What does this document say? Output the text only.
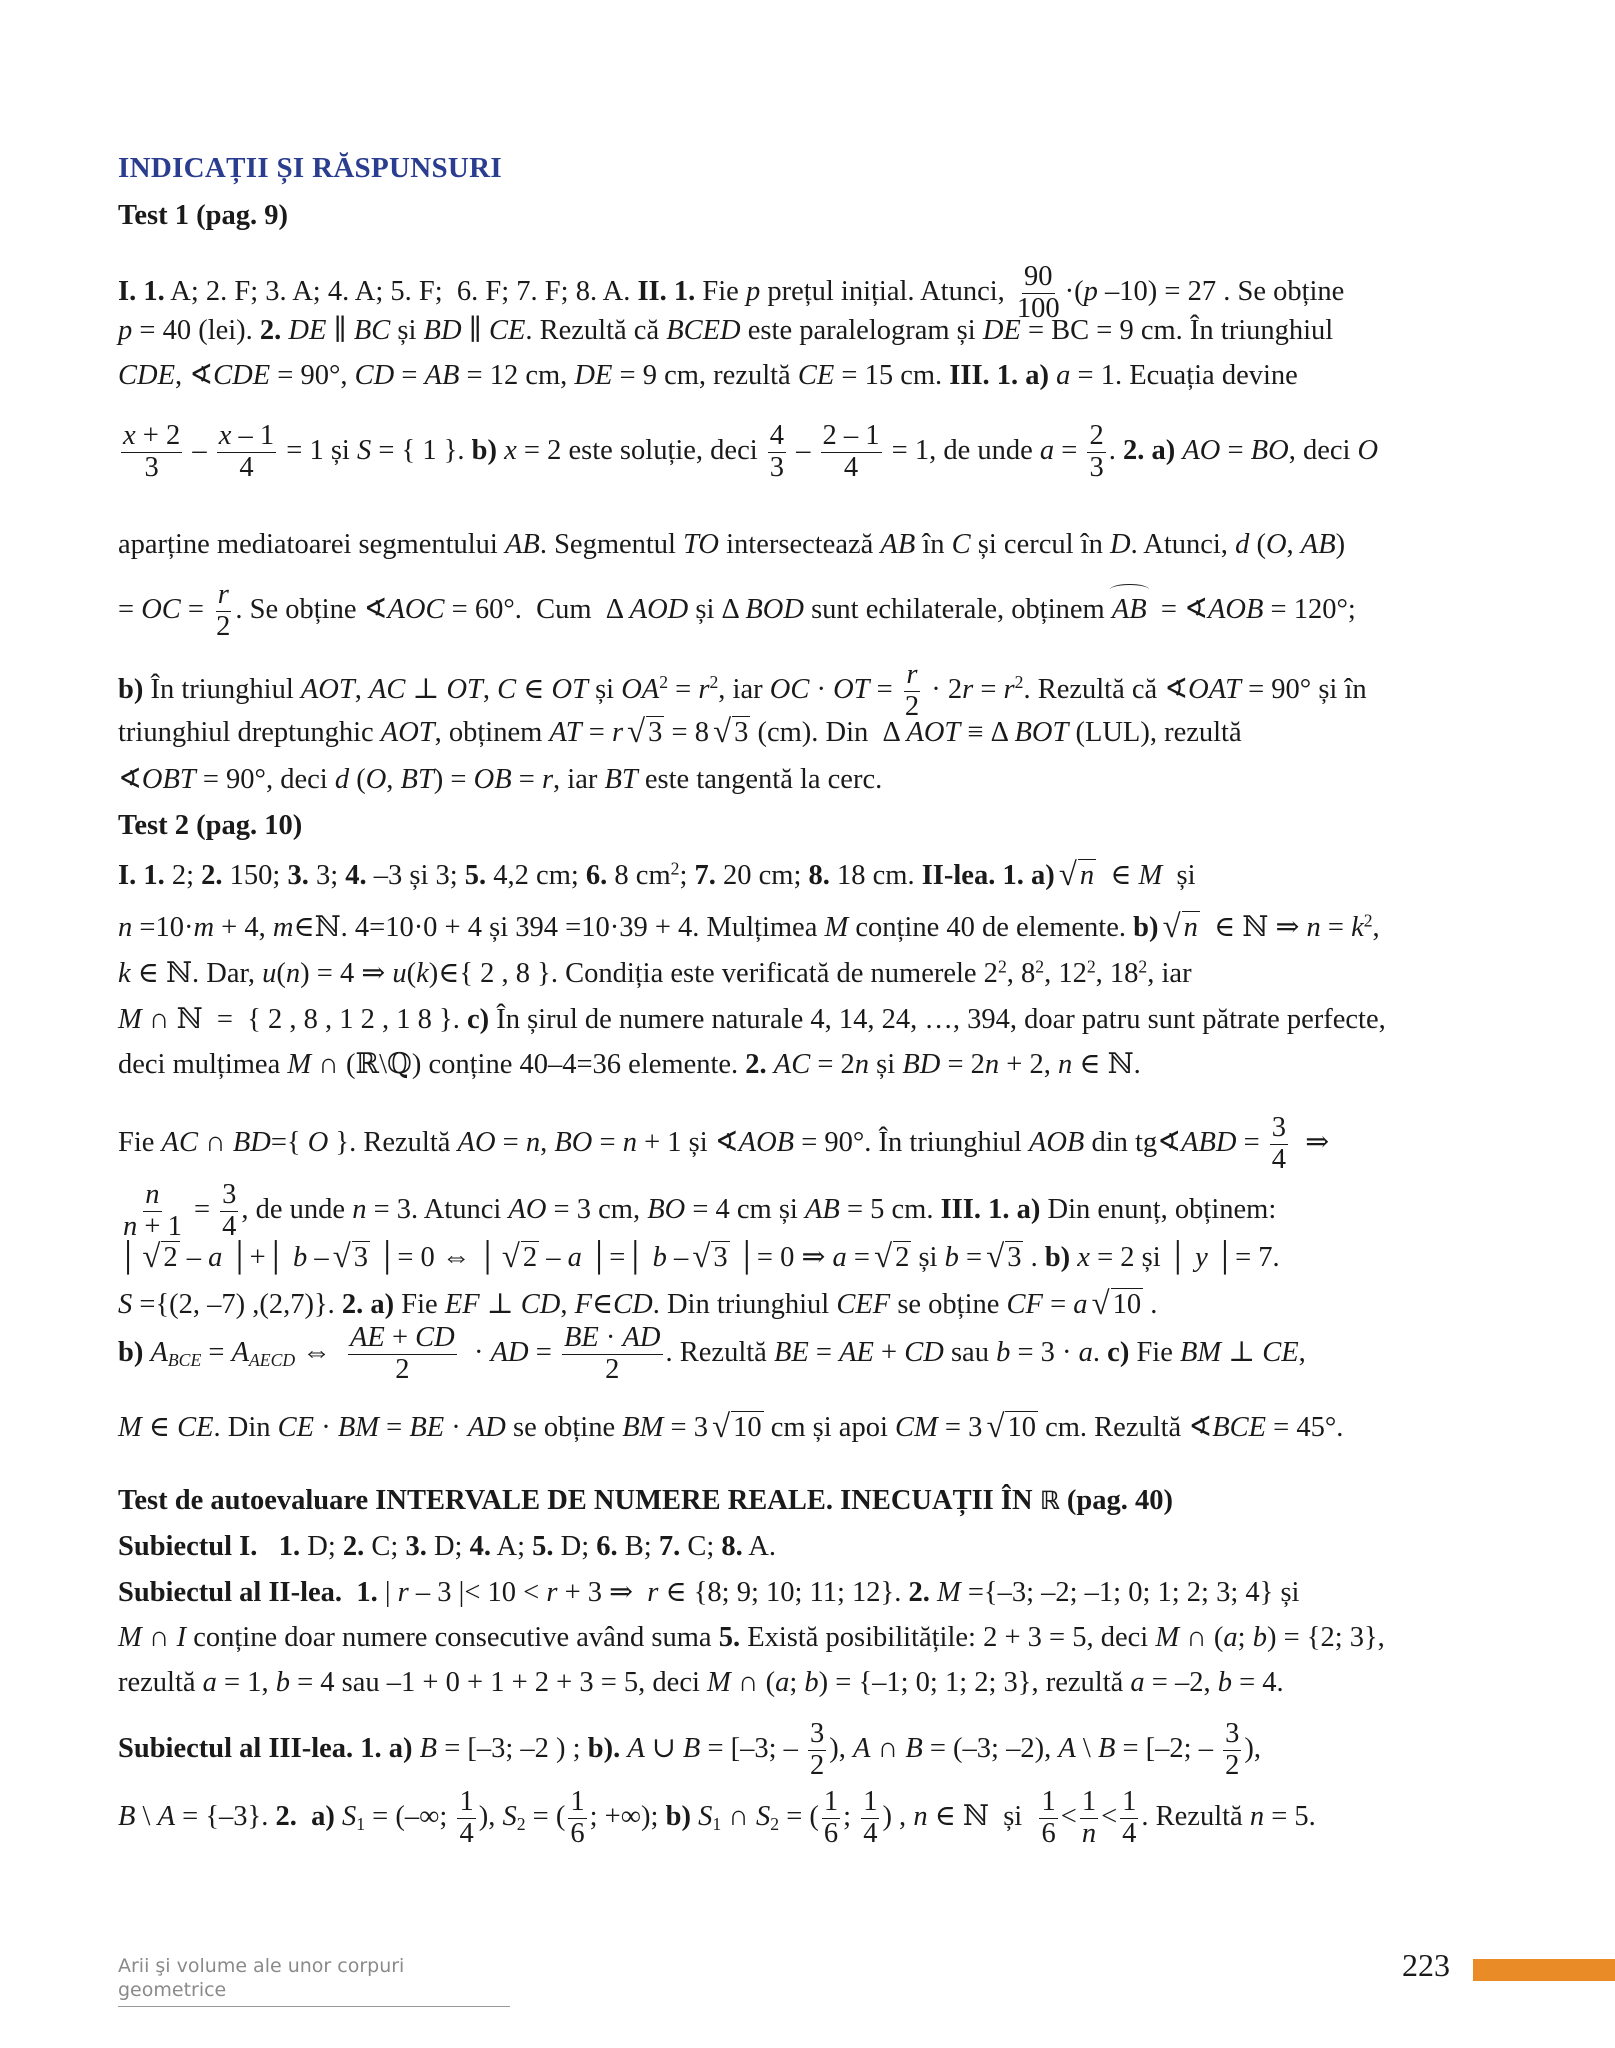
INDICAȚII ȘI RĂSPUNSURI
Test 1 (pag. 9)
I. 1. A; 2. F; 3. A; 4. A; 5. F;  6. F; 7. F; 8. A. II. 1. Fie p prețul inițial. Atunci, $\frac{90}{100} \cdot(p$ –10) = 27 . Se obține
p = 40 (lei). 2. DE ∥ BC și BD ∥ CE. Rezultă că BCED este paralelogram și DE = BC = 9 cm. În triunghiul
CDE, ∢CDE = 90°, CD = AB = 12 cm, DE = 9 cm, rezultă CE = 15 cm. III. 1. a) a = 1. Ecuația devine
$\frac{x + 2}{3} - \frac{x - 1}{4} = 1$ și S = { 1 }. b) x = 2 este soluție, deci $\frac{4}{3} - \frac{2 - 1}{4} = 1$, de unde $a = \frac{2}{3}$ . 2. a) AO = BO, deci O
aparține mediatoarei segmentului AB. Segmentul TO intersectează AB în C și cercul în D. Atunci, d (O, AB)
= OC = $\frac{r}{2}$ . Se obține ∢AOC = 60°.  Cum  Δ AOD și Δ BOD sunt echilaterale, obținem AB  = ∢AOB = 120°;
b) În triunghiul AOT, AC ⊥ OT, C ∈ OT și $OA^2 = r^2$, iar OC · OT = $\frac{r}{2} \cdot 2r = r^2$. Rezultă că ∢OAT = 90° și în
triunghiul dreptunghic AOT, obținem AT = r √ 3 = 8 √ 3 (cm). Din  Δ AOT ≡ Δ BOT (LUL), rezultă
∢OBT = 90°, deci d (O, BT) = OB = r, iar BT este tangentă la cerc.
Test 2 (pag. 10)
I. 1. 2; 2. 150; 3. 3; 4. –3 și 3; 5. 4,2 cm; 6. 8 $cm^2$; 7. 20 cm; 8. 18 cm. II-lea. 1. a) √ n  ∈ M  și
n =10·m + 4, m∈ℕ. 4=10·0 + 4 și 394 =10·39 + 4. Mulțimea M conține 40 de elemente. b) √ n  ∈ ℕ ⇒ $n = k^2$,
k ∈ ℕ. Dar, u(n) = 4 ⇒ u(k)∈{ 2 , 8 }. Condiția este verificată de numerele $2^2$, $8^2$, $12^2$, $18^2$, iar
M ∩ ℕ  =  { 2 , 8 , 1 2 , 1 8 }. c) În șirul de numere naturale 4, 14, 24, …, 394, doar patru sunt pătrate perfecte,
deci mulțimea M ∩ (ℝ\ℚ) conține 40–4=36 elemente. 2. AC = 2n și BD = 2n + 2, n ∈ ℕ.
Fie AC ∩ BD={ O }. Rezultă AO = n, BO = n + 1 și ∢AOB = 90°. În triunghiul AOB din tg∢ABD = $\frac{3}{4}$ ⇒
$\frac{n}{n + 1} = \frac{3}{4}$ , de unde n = 3. Atunci AO = 3 cm, BO = 4 cm și AB = 5 cm. III. 1. a) Din enunț, obținem:
│ √ 2 – a │+│ b – √ 3 │= 0 ⇔ │ √ 2 – a │=│ b – √ 3 │= 0 ⇒ a = √ 2 și b = √ 3 . b) x = 2 și │ y │= 7.
S ={(2, –7) ,(2,7)}. 2. a) Fie EF ⊥ CD, F∈CD. Din triunghiul CEF se obține CF = a √ 10 .
b) $A_{BCE} = A_{AECD}$ ⇔ $\frac{AE + CD}{2}$ · AD = $\frac{BE \cdot AD}{2}$ . Rezultă BE = AE + CD sau b = 3 · a. c) Fie BM ⊥ CE,
M ∈ CE. Din CE · BM = BE · AD se obține BM = 3 √ 10 cm și apoi CM = 3 √ 10 cm. Rezultă ∢BCE = 45°.
Test de autoevaluare INTERVALE DE NUMERE REALE. INECUAȚII ÎN ℝ (pag. 40)
Subiectul I. 1. D; 2. C; 3. D; 4. A; 5. D; 6. B; 7. C; 8. A.
Subiectul al II-lea. 1. | r – 3 |< 10 < r + 3 ⇒  r ∈ {8; 9; 10; 11; 12}. 2. M ={–3; –2; –1; 0; 1; 2; 3; 4} și
M ∩ I conține doar numere consecutive având suma 5. Există posibilitățile: 2 + 3 = 5, deci M ∩ (a; b) = {2; 3},
rezultă a = 1, b = 4 sau –1 + 0 + 1 + 2 + 3 = 5, deci M ∩ (a; b) = {–1; 0; 1; 2; 3}, rezultă a = –2, b = 4.
Subiectul al III-lea. 1. a) B = [–3; –2 ) ; b). A ∪ B = [–3; – $\frac{3}{2}$ ), A ∩ B = (–3; –2), A \ B = [–2; – $\frac{3}{2}$ ),
B \ A = {–3}. 2. a) $S_1$ = (–∞; $\frac{1}{4}$ ), $S_2$ = ( $\frac{1}{6}$ ; +∞); b) $S_1$ ∩ $S_2$ = ( $\frac{1}{6}$ ; $\frac{1}{4}$ ) , n ∈ ℕ  și $\frac{1}{6} < \frac{1}{n} < \frac{1}{4}$ . Rezultă n = 5.
Arii şi volume ale unor corpuri geometrice
223
